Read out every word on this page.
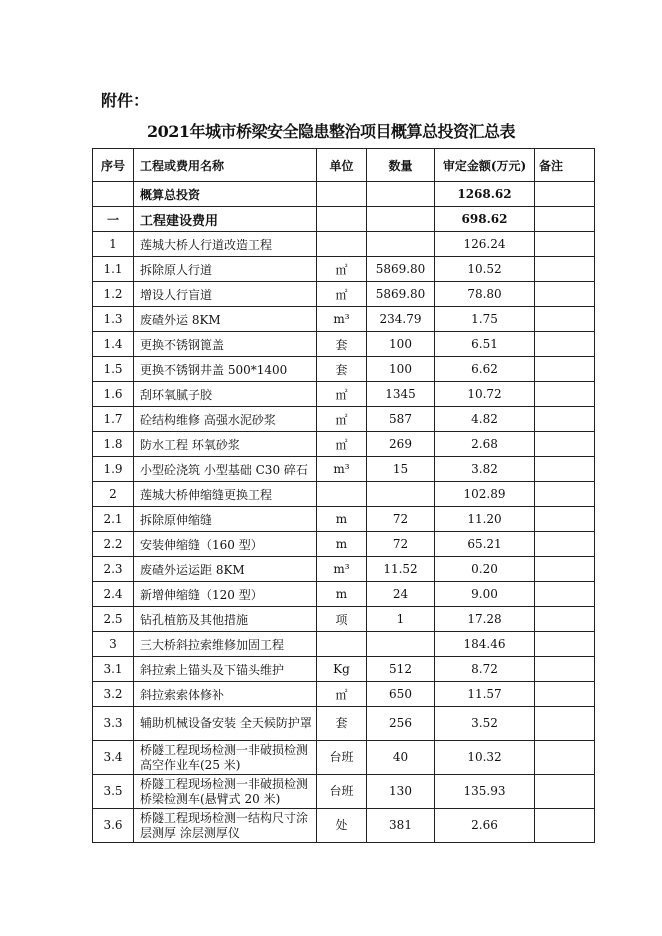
附件：
2021年城市桥梁安全隐患整治项目概算总投资汇总表
序号	工程或费用名称	单位	数量	审定金额(万元)	备注
	概算总投资			1268.62	
一	工程建设费用			698.62	
1	莲城大桥人行道改造工程			126.24	
1.1	拆除原人行道	㎡	5869.80	10.52	
1.2	增设人行盲道	㎡	5869.80	78.80	
1.3	废碴外运 8KM	m³	234.79	1.75	
1.4	更换不锈钢篦盖	套	100	6.51	
1.5	更换不锈钢井盖 500*1400	套	100	6.62	
1.6	刮环氧腻子胶	㎡	1345	10.72	
1.7	砼结构维修 高强水泥砂浆	㎡	587	4.82	
1.8	防水工程 环氧砂浆	㎡	269	2.68	
1.9	小型砼浇筑 小型基础 C30 碎石	m³	15	3.82	
2	莲城大桥伸缩缝更换工程			102.89	
2.1	拆除原伸缩缝	m	72	11.20	
2.2	安装伸缩缝（160 型）	m	72	65.21	
2.3	废碴外运运距 8KM	m³	11.52	0.20	
2.4	新增伸缩缝（120 型）	m	24	9.00	
2.5	钻孔植筋及其他措施	项	1	17.28	
3	三大桥斜拉索维修加固工程			184.46	
3.1	斜拉索上锚头及下锚头维护	Kg	512	8.72	
3.2	斜拉索索体修补	㎡	650	11.57	
3.3	辅助机械设备安装 全天候防护罩	套	256	3.52	
3.4	桥隧工程现场检测一非破损检测 高空作业车(25 米)	台班	40	10.32	
3.5	桥隧工程现场检测一非破损检测 桥梁检测车(悬臂式 20 米)	台班	130	135.93	
3.6	桥隧工程现场检测一结构尺寸涂层测厚 涂层测厚仪	处	381	2.66	
